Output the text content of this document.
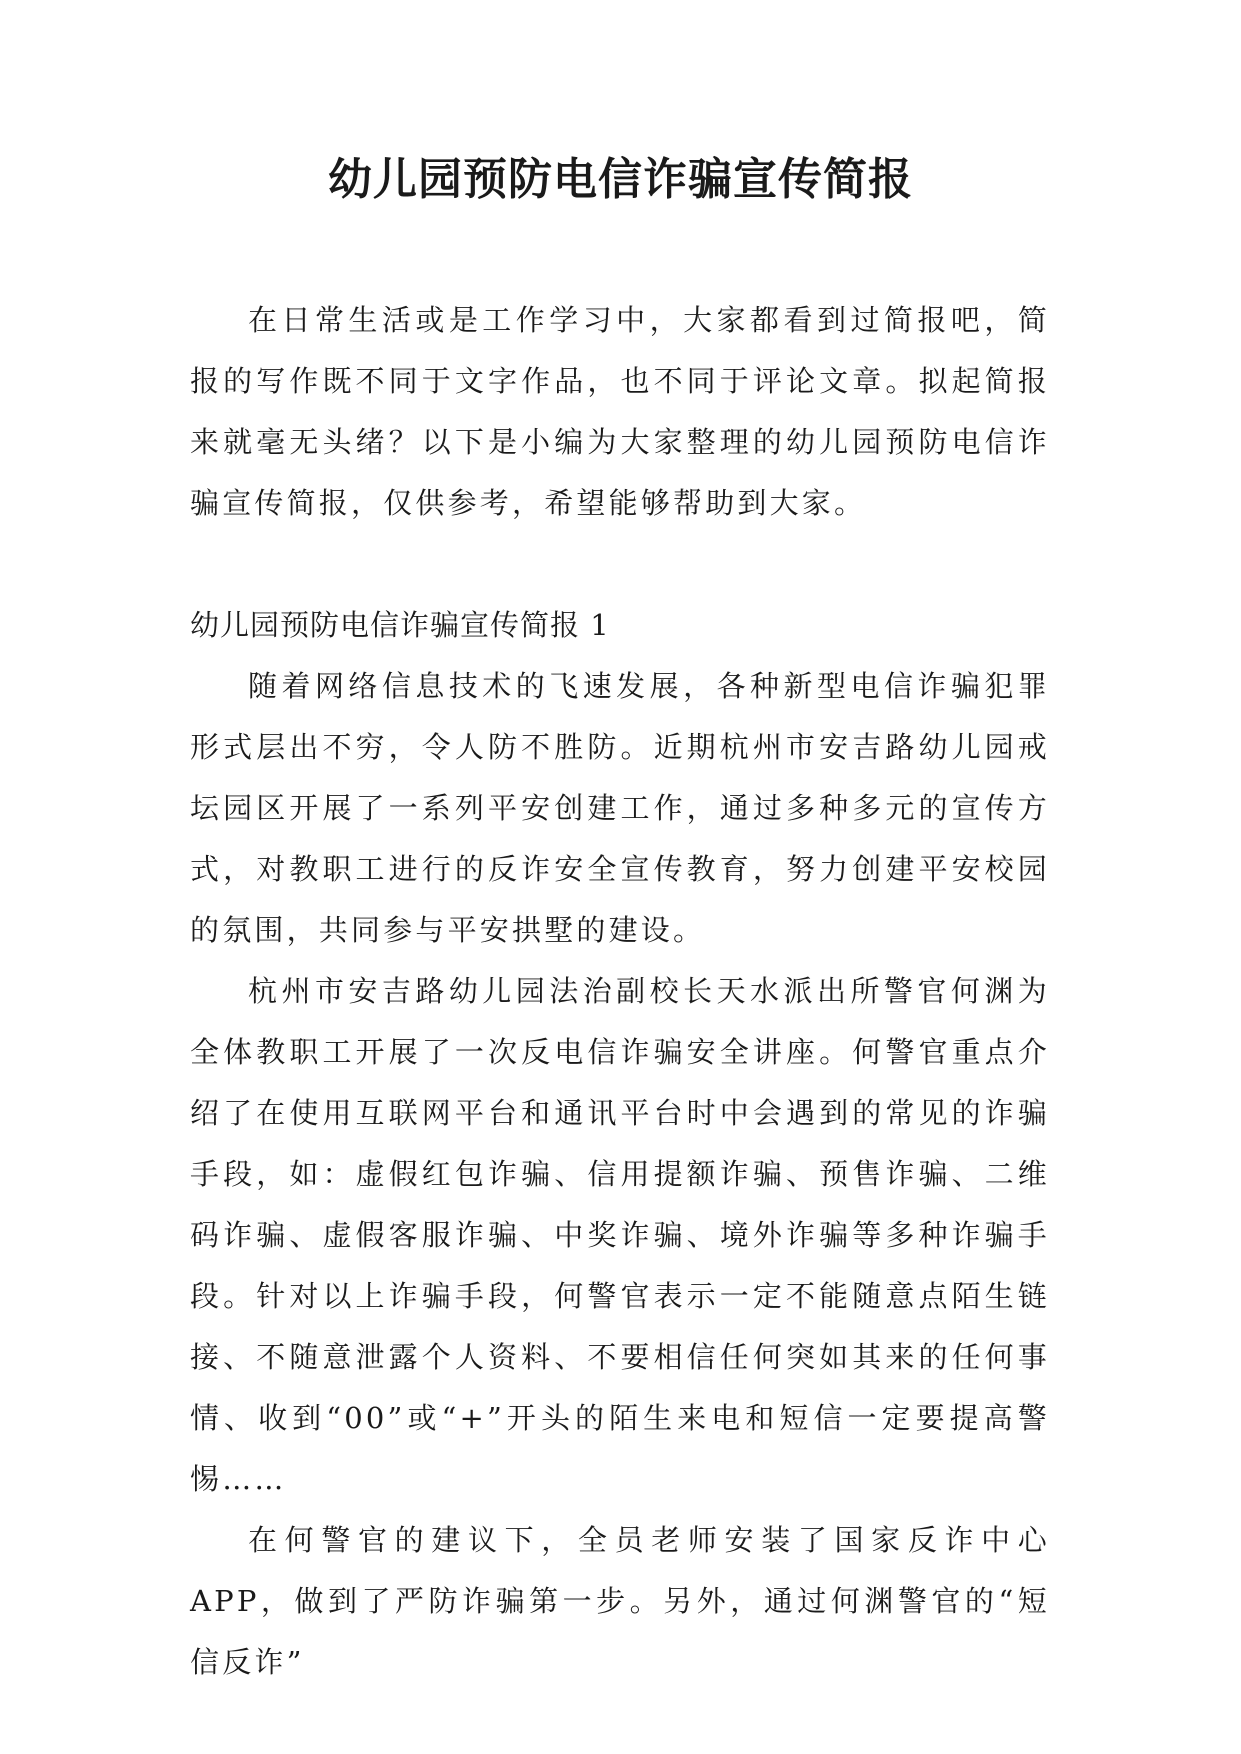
幼儿园预防电信诈骗宣传简报

在日常生活或是工作学习中，大家都看到过简报吧，简报的写作既不同于文字作品，也不同于评论文章。拟起简报来就毫无头绪？以下是小编为大家整理的幼儿园预防电信诈骗宣传简报，仅供参考，希望能够帮助到大家。

幼儿园预防电信诈骗宣传简报 1

随着网络信息技术的飞速发展，各种新型电信诈骗犯罪形式层出不穷，令人防不胜防。近期杭州市安吉路幼儿园戒坛园区开展了一系列平安创建工作，通过多种多元的宣传方式，对教职工进行的反诈安全宣传教育，努力创建平安校园的氛围，共同参与平安拱墅的建设。

杭州市安吉路幼儿园法治副校长天水派出所警官何渊为全体教职工开展了一次反电信诈骗安全讲座。何警官重点介绍了在使用互联网平台和通讯平台时中会遇到的常见的诈骗手段，如：虚假红包诈骗、信用提额诈骗、预售诈骗、二维码诈骗、虚假客服诈骗、中奖诈骗、境外诈骗等多种诈骗手段。针对以上诈骗手段，何警官表示一定不能随意点陌生链接、不随意泄露个人资料、不要相信任何突如其来的任何事情、收到“00”或“+”开头的陌生来电和短信一定要提高警惕……

在何警官的建议下，全员老师安装了国家反诈中心APP，做到了严防诈骗第一步。另外，通过何渊警官的“短信反诈”
